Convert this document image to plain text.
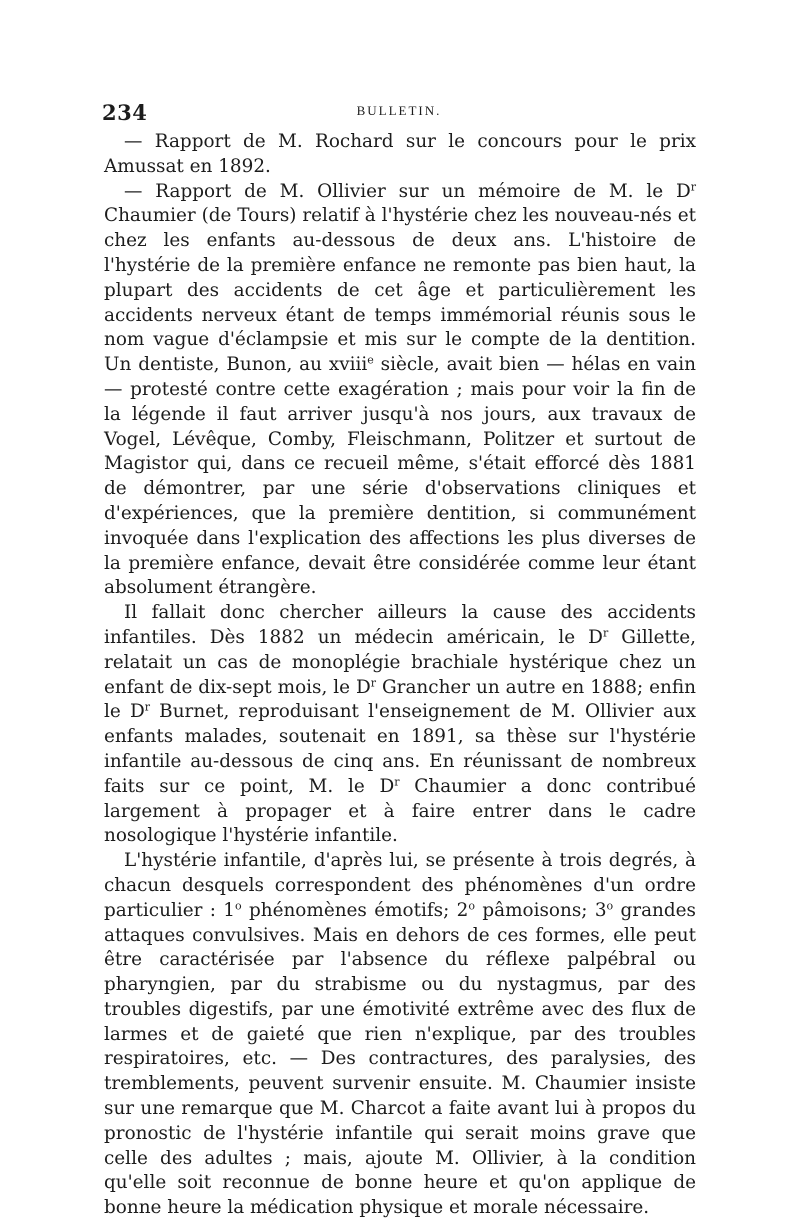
234	BULLETIN.

— Rapport de M. Rochard sur le concours pour le prix Amussat en 1892.

— Rapport de M. Ollivier sur un mémoire de M. le $D^r$ Chaumier (de Tours) relatif à l'hystérie chez les nouveau-nés et chez les enfants au-dessous de deux ans. L'histoire de l'hystérie de la première enfance ne remonte pas bien haut, la plupart des accidents de cet âge et particulièrement les accidents nerveux étant de temps immémorial réunis sous le nom vague d'éclampsie et mis sur le compte de la dentition. Un dentiste, Bunon, au xviii$^e$ siècle, avait bien — hélas en vain — protesté contre cette exagération ; mais pour voir la fin de la légende il faut arriver jusqu'à nos jours, aux travaux de Vogel, Lévêque, Comby, Fleischmann, Politzer et surtout de Magistor qui, dans ce recueil même, s'était efforcé dès 1881 de démontrer, par une série d'observations cliniques et d'expériences, que la première dentition, si communément invoquée dans l'explication des affections les plus diverses de la première enfance, devait être considérée comme leur étant absolument étrangère.

Il fallait donc chercher ailleurs la cause des accidents infantiles. Dès 1882 un médecin américain, le $D^r$ Gillette, relatait un cas de monoplégie brachiale hystérique chez un enfant de dix-sept mois, le $D^r$ Grancher un autre en 1888; enfin le $D^r$ Burnet, reproduisant l'enseignement de M. Ollivier aux enfants malades, soutenait en 1891, sa thèse sur l'hystérie infantile au-dessous de cinq ans. En réunissant de nombreux faits sur ce point, M. le $D^r$ Chaumier a donc contribué largement à propager et à faire entrer dans le cadre nosologique l'hystérie infantile.

L'hystérie infantile, d'après lui, se présente à trois degrés, à chacun desquels correspondent des phénomènes d'un ordre particulier : 1$^o$ phénomènes émotifs; 2$^o$ pâmoisons; 3$^o$ grandes attaques convulsives. Mais en dehors de ces formes, elle peut être caractérisée par l'absence du réflexe palpébral ou pharyngien, par du strabisme ou du nystagmus, par des troubles digestifs, par une émotivité extrême avec des flux de larmes et de gaieté que rien n'explique, par des troubles respiratoires, etc. — Des contractures, des paralysies, des tremblements, peuvent survenir ensuite. M. Chaumier insiste sur une remarque que M. Charcot a faite avant lui à propos du pronostic de l'hystérie infantile qui serait moins grave que celle des adultes ; mais, ajoute M. Ollivier, à la condition qu'elle soit reconnue de bonne heure et qu'on applique de bonne heure la médication physique et morale nécessaire.
